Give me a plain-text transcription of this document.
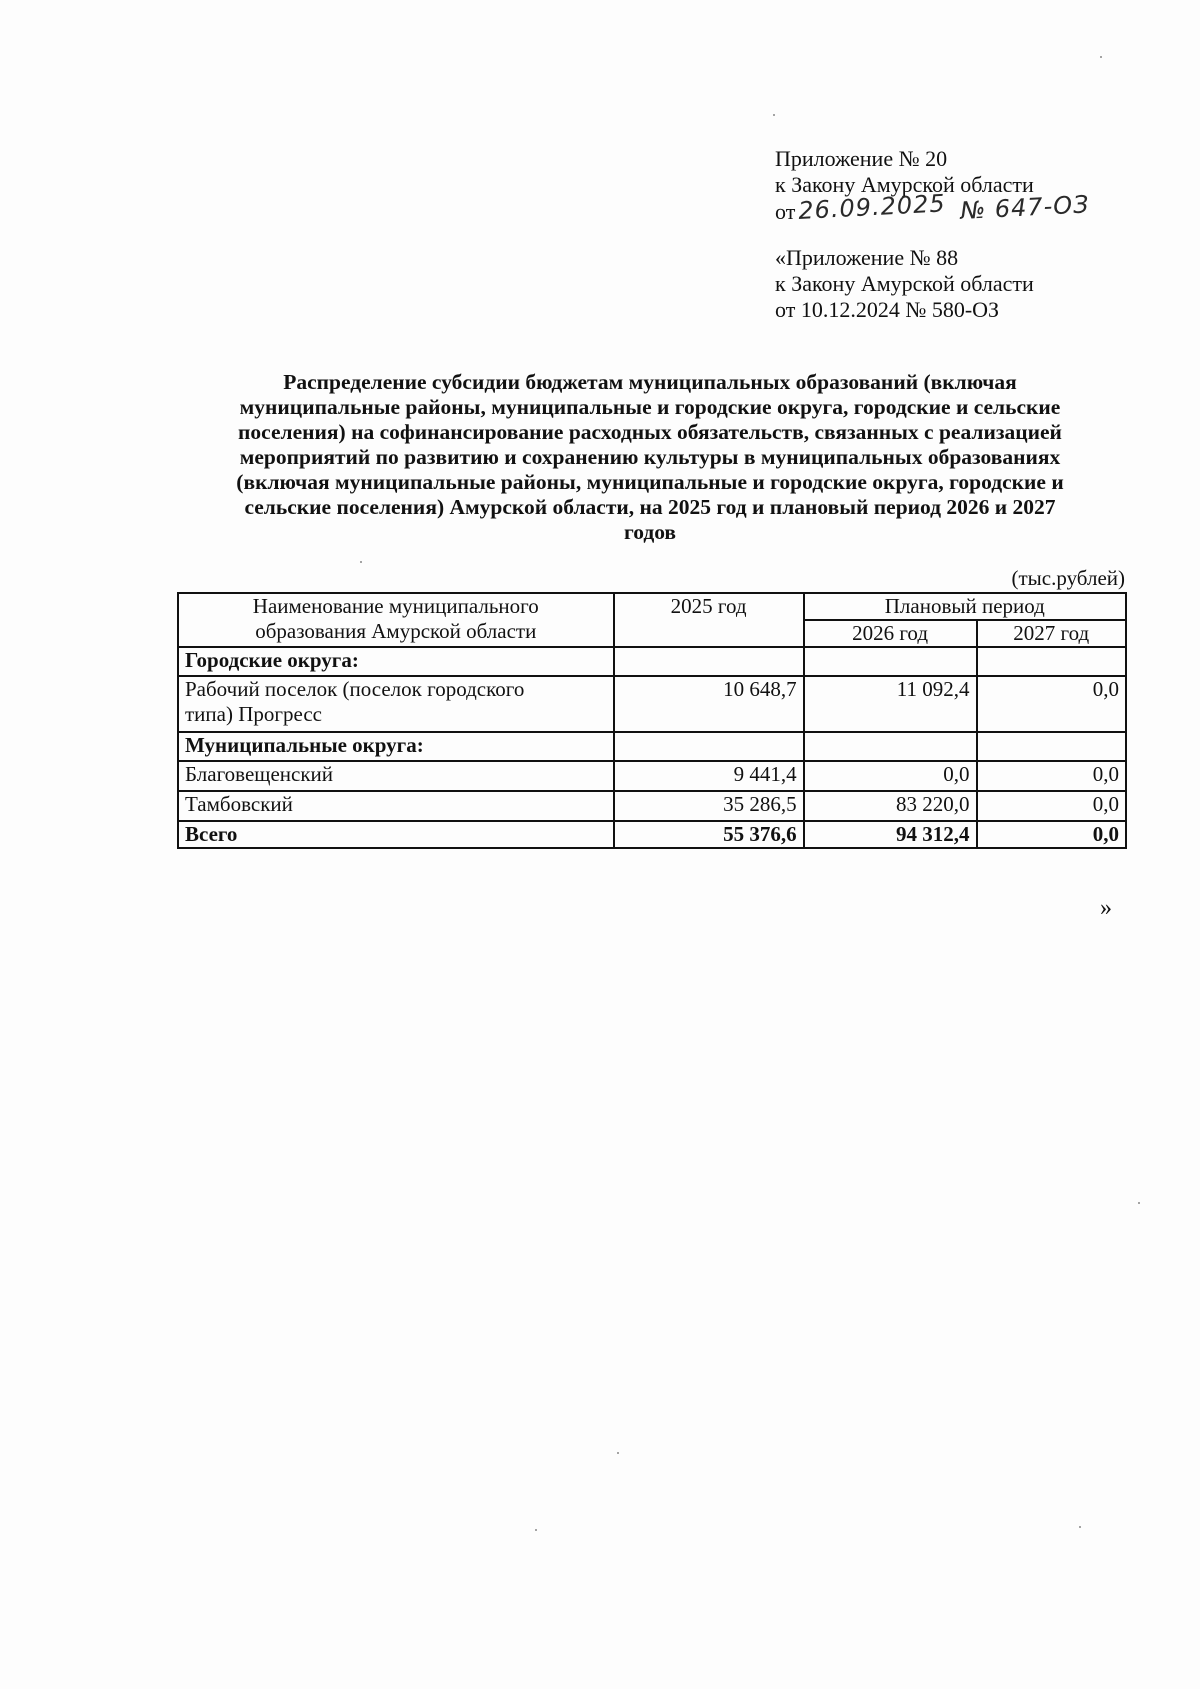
Приложение № 20
к Закону Амурской области
от 26.09.2025 № 647-ОЗ
«Приложение № 88
к Закону Амурской области
от 10.12.2024 № 580-ОЗ
Распределение субсидии бюджетам муниципальных образований (включая
муниципальные районы, муниципальные и городские округа, городские и сельские
поселения) на софинансирование расходных обязательств, связанных с реализацией
мероприятий по развитию и сохранению культуры в муниципальных образованиях
(включая муниципальные районы, муниципальные и городские округа, городские и
сельские поселения) Амурской области, на 2025 год и плановый период 2026 и 2027
годов
(тыс.рублей)
Наименование муниципального
образования Амурской области	2025 год	Плановый период	
		2026 год	2027 год
Городские округа:			

Рабочий поселок (поселок городского
типа) Прогресс	10 648,7	11 092,4	0,0
Муниципальные округа:			
Благовещенский	9 441,4	0,0	0,0
Тамбовский	35 286,5	83 220,0	0,0
Всего	55 376,6	94 312,4	0,0
»
